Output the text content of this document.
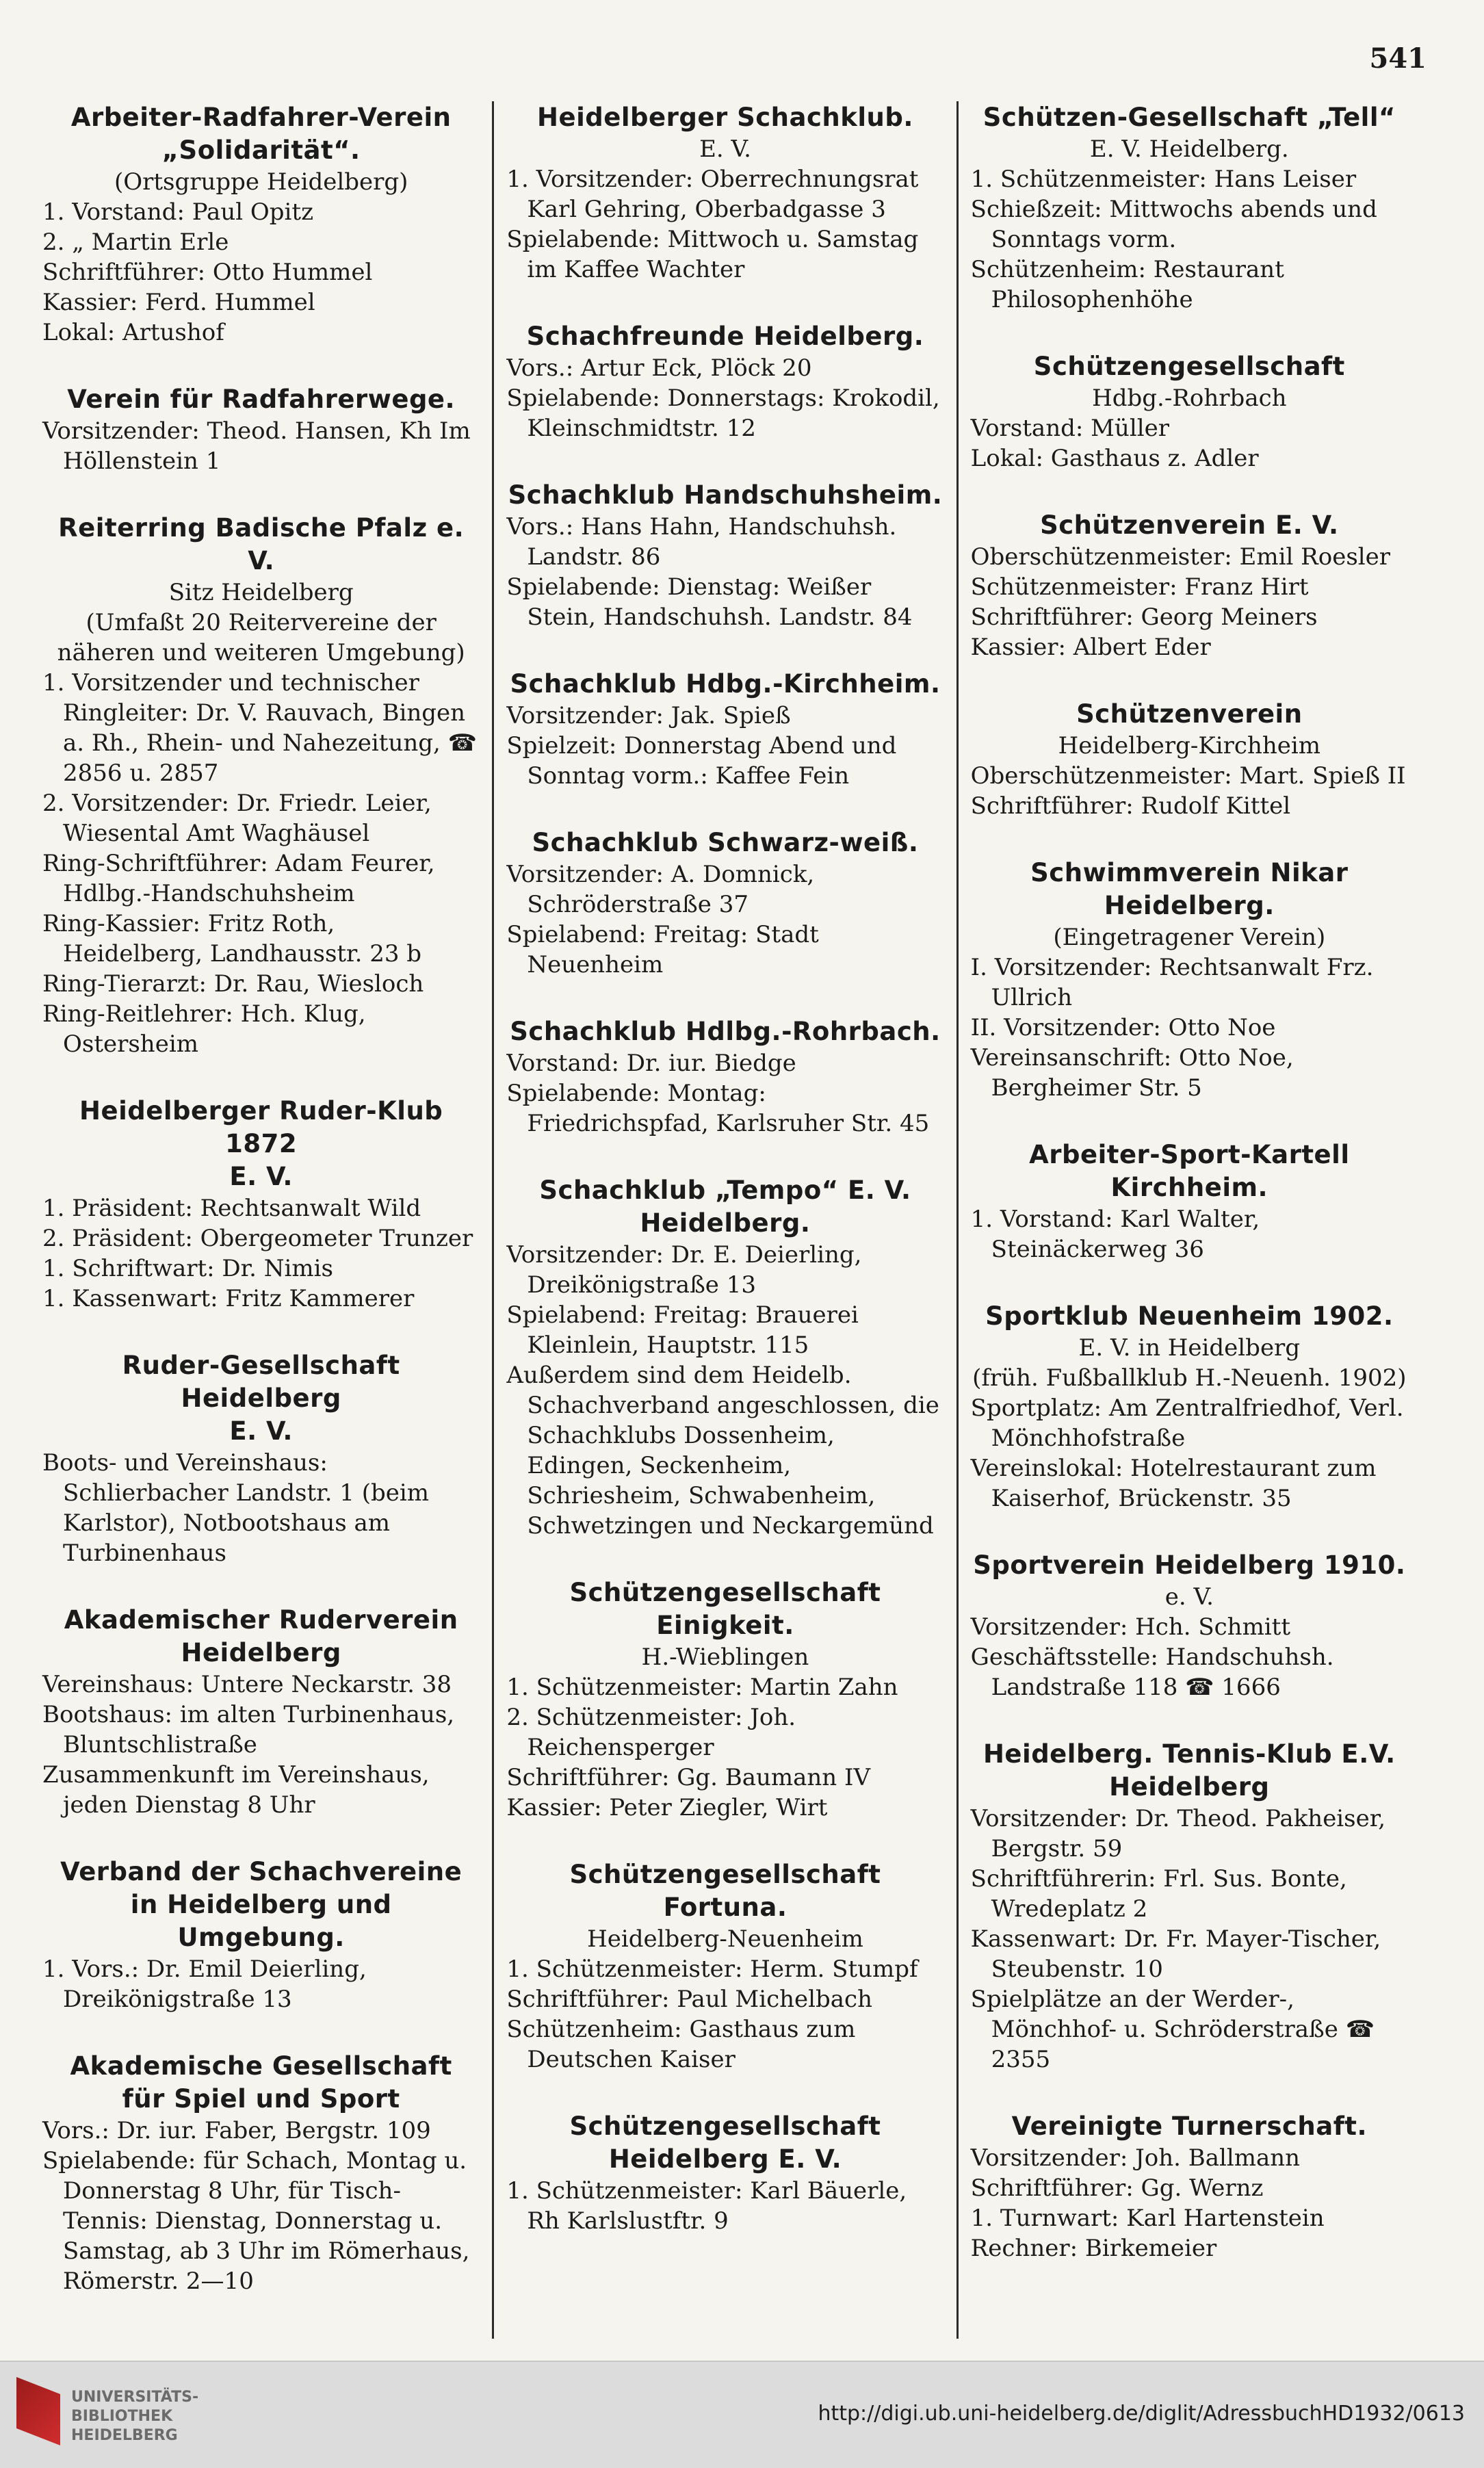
541
Arbeiter-Radfahrer-Verein
„Solidarität“.
(Ortsgruppe Heidelberg)
1. Vorstand: Paul Opitz
2. „ Martin Erle
Schriftführer: Otto Hummel
Kassier: Ferd. Hummel
Lokal: Artushof
Verein für Radfahrerwege.
Vorsitzender: Theod. Hansen, Kh Im Höllenstein 1
Reiterring Badische Pfalz e. V.
Sitz Heidelberg
(Umfaßt 20 Reitervereine der näheren und weiteren Umgebung)
1. Vorsitzender und technischer Ringleiter: Dr. V. Rauvach, Bingen a. Rh., Rhein- und Nahezeitung, ☎ 2856 u. 2857
2. Vorsitzender: Dr. Friedr. Leier, Wiesental Amt Waghäusel
Ring-Schriftführer: Adam Feurer, Hdlbg.-Handschuhsheim
Ring-Kassier: Fritz Roth, Heidelberg, Landhausstr. 23 b
Ring-Tierarzt: Dr. Rau, Wiesloch
Ring-Reitlehrer: Hch. Klug, Ostersheim
Heidelberger Ruder-Klub 1872
E. V.
1. Präsident: Rechtsanwalt Wild
2. Präsident: Obergeometer Trunzer
1. Schriftwart: Dr. Nimis
1. Kassenwart: Fritz Kammerer
Ruder-Gesellschaft Heidelberg
E. V.
Boots- und Vereinshaus: Schlierbacher Landstr. 1 (beim Karlstor), Notbootshaus am Turbinenhaus
Akademischer Ruderverein
Heidelberg
Vereinshaus: Untere Neckarstr. 38
Bootshaus: im alten Turbinenhaus, Bluntschlistraße
Zusammenkunft im Vereinshaus, jeden Dienstag 8 Uhr
Verband der Schachvereine
in Heidelberg und Umgebung.
1. Vors.: Dr. Emil Deierling, Dreikönigstraße 13
Akademische Gesellschaft
für Spiel und Sport
Vors.: Dr. iur. Faber, Bergstr. 109
Spielabende: für Schach, Montag u. Donnerstag 8 Uhr, für Tisch-Tennis: Dienstag, Donnerstag u. Samstag, ab 3 Uhr im Römerhaus, Römerstr. 2—10
Heidelberger Schachklub.
E. V.
1. Vorsitzender: Oberrechnungsrat Karl Gehring, Oberbadgasse 3
Spielabende: Mittwoch u. Samstag im Kaffee Wachter
Schachfreunde Heidelberg.
Vors.: Artur Eck, Plöck 20
Spielabende: Donnerstags: Krokodil, Kleinschmidtstr. 12
Schachklub Handschuhsheim.
Vors.: Hans Hahn, Handschuhsh. Landstr. 86
Spielabende: Dienstag: Weißer Stein, Handschuhsh. Landstr. 84
Schachklub Hdbg.-Kirchheim.
Vorsitzender: Jak. Spieß
Spielzeit: Donnerstag Abend und Sonntag vorm.: Kaffee Fein
Schachklub Schwarz-weiß.
Vorsitzender: A. Domnick, Schröderstraße 37
Spielabend: Freitag: Stadt Neuenheim
Schachklub Hdlbg.-Rohrbach.
Vorstand: Dr. iur. Biedge
Spielabende: Montag: Friedrichspfad, Karlsruher Str. 45
Schachklub „Tempo“ E. V.
Heidelberg.
Vorsitzender: Dr. E. Deierling, Dreikönigstraße 13
Spielabend: Freitag: Brauerei Kleinlein, Hauptstr. 115
Außerdem sind dem Heidelb. Schachverband angeschlossen, die Schachklubs Dossenheim, Edingen, Seckenheim, Schriesheim, Schwabenheim, Schwetzingen und Neckargemünd
Schützengesellschaft Einigkeit.
H.-Wieblingen
1. Schützenmeister: Martin Zahn
2. Schützenmeister: Joh. Reichensperger
Schriftführer: Gg. Baumann IV
Kassier: Peter Ziegler, Wirt
Schützengesellschaft Fortuna.
Heidelberg-Neuenheim
1. Schützenmeister: Herm. Stumpf
Schriftführer: Paul Michelbach
Schützenheim: Gasthaus zum Deutschen Kaiser
Schützengesellschaft Heidelberg E. V.
1. Schützenmeister: Karl Bäuerle, Rh Karlslustftr. 9
Schützen-Gesellschaft „Tell“
E. V. Heidelberg.
1. Schützenmeister: Hans Leiser
Schießzeit: Mittwochs abends und Sonntags vorm.
Schützenheim: Restaurant Philosophenhöhe
Schützengesellschaft
Hdbg.-Rohrbach
Vorstand: Müller
Lokal: Gasthaus z. Adler
Schützenverein E. V.
Oberschützenmeister: Emil Roesler
Schützenmeister: Franz Hirt
Schriftführer: Georg Meiners
Kassier: Albert Eder
Schützenverein
Heidelberg-Kirchheim
Oberschützenmeister: Mart. Spieß II
Schriftführer: Rudolf Kittel
Schwimmverein Nikar
Heidelberg.
(Eingetragener Verein)
I. Vorsitzender: Rechtsanwalt Frz. Ullrich
II. Vorsitzender: Otto Noe
Vereinsanschrift: Otto Noe, Bergheimer Str. 5
Arbeiter-Sport-Kartell
Kirchheim.
1. Vorstand: Karl Walter, Steinäckerweg 36
Sportklub Neuenheim 1902.
E. V. in Heidelberg
(früh. Fußballklub H.-Neuenh. 1902)
Sportplatz: Am Zentralfriedhof, Verl. Mönchhofstraße
Vereinslokal: Hotelrestaurant zum Kaiserhof, Brückenstr. 35
Sportverein Heidelberg 1910.
e. V.
Vorsitzender: Hch. Schmitt
Geschäftsstelle: Handschuhsh. Landstraße 118 ☎ 1666
Heidelberg. Tennis-Klub E.V.
Heidelberg
Vorsitzender: Dr. Theod. Pakheiser, Bergstr. 59
Schriftführerin: Frl. Sus. Bonte, Wredeplatz 2
Kassenwart: Dr. Fr. Mayer-Tischer, Steubenstr. 10
Spielplätze an der Werder-, Mönchhof- u. Schröderstraße ☎ 2355
Vereinigte Turnerschaft.
Vorsitzender: Joh. Ballmann
Schriftführer: Gg. Wernz
1. Turnwart: Karl Hartenstein
Rechner: Birkemeier
UNIVERSITÄTS-
BIBLIOTHEK
HEIDELBERG
http://digi.ub.uni-heidelberg.de/diglit/AdressbuchHD1932/0613
